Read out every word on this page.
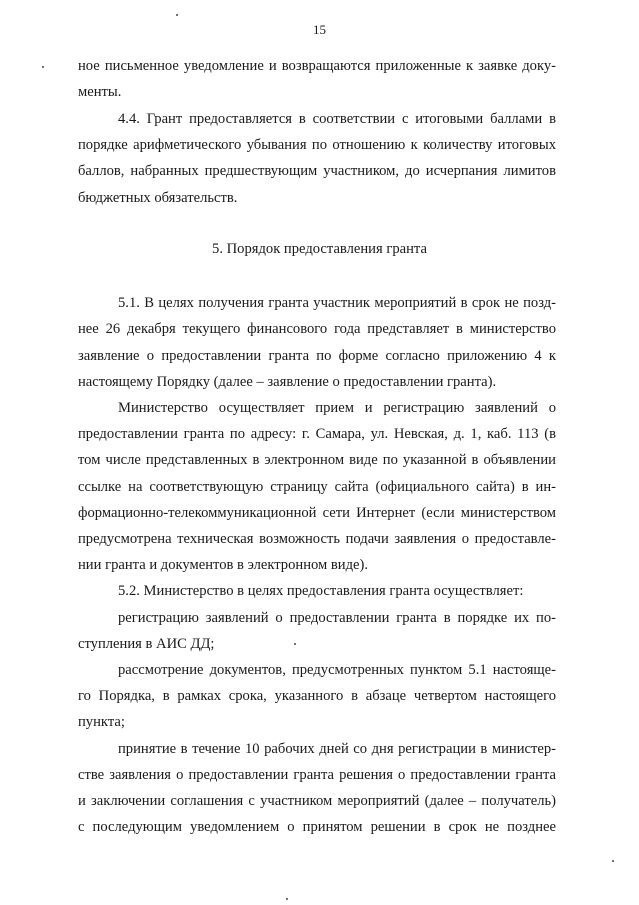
15
ное письменное уведомление и возвращаются приложенные к заявке доку-
менты.
4.4. Грант предоставляется в соответствии с итоговыми баллами в
порядке арифметического убывания по отношению к количеству итоговых
баллов, набранных предшествующим участником, до исчерпания лимитов
бюджетных обязательств.
5. Порядок предоставления гранта
5.1. В целях получения гранта участник мероприятий в срок не позд-
нее 26 декабря текущего финансового года представляет в министерство
заявление о предоставлении гранта по форме согласно приложению 4 к
настоящему Порядку (далее – заявление о предоставлении гранта).
Министерство осуществляет прием и регистрацию заявлений о
предоставлении гранта по адресу: г. Самара, ул. Невская, д. 1, каб. 113 (в
том числе представленных в электронном виде по указанной в объявлении
ссылке на соответствующую страницу сайта (официального сайта) в ин-
формационно-телекоммуникационной сети Интернет (если министерством
предусмотрена техническая возможность подачи заявления о предоставле-
нии гранта и документов в электронном виде).
5.2. Министерство в целях предоставления гранта осуществляет:
регистрацию заявлений о предоставлении гранта в порядке их по-
ступления в АИС ДД;
рассмотрение документов, предусмотренных пунктом 5.1 настояще-
го Порядка, в рамках срока, указанного в абзаце четвертом настоящего
пункта;
принятие в течение 10 рабочих дней со дня регистрации в министер-
стве заявления о предоставлении гранта решения о предоставлении гранта
и заключении соглашения с участником мероприятий (далее – получатель)
с последующим уведомлением о принятом решении в срок не позднее
